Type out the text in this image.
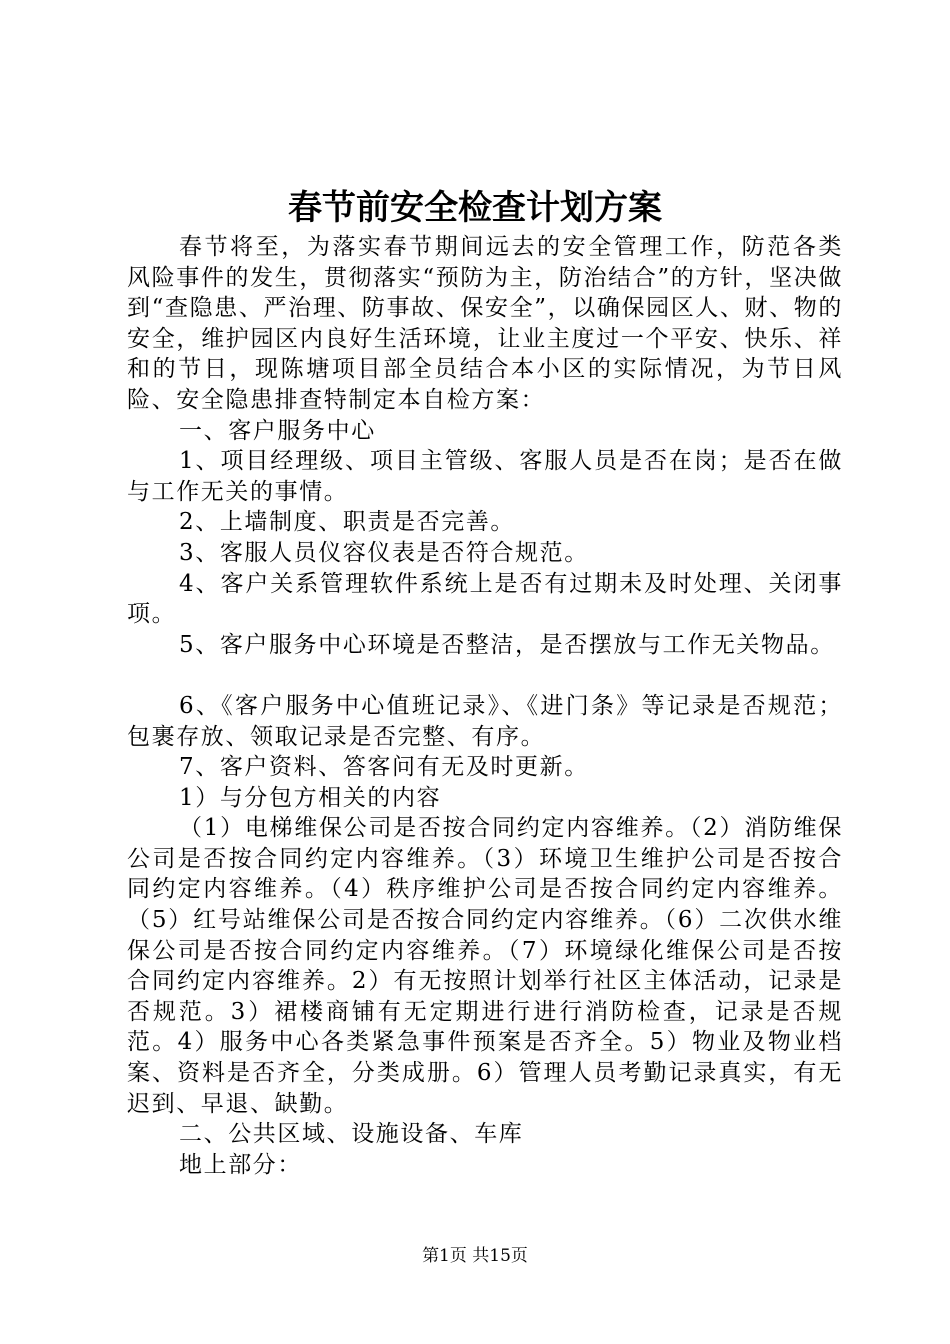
春节前安全检查计划方案

春节将至，为落实春节期间远去的安全管理工作，防范各类风险事件的发生，贯彻落实“预防为主，防治结合”的方针，坚决做到“查隐患、严治理、防事故、保安全”，以确保园区人、财、物的安全，维护园区内良好生活环境，让业主度过一个平安、快乐、祥和的节日，现陈塘项目部全员结合本小区的实际情况，为节日风险、安全隐患排查特制定本自检方案：

一、客户服务中心

1、项目经理级、项目主管级、客服人员是否在岗；是否在做与工作无关的事情。

2、上墙制度、职责是否完善。

3、客服人员仪容仪表是否符合规范。

4、客户关系管理软件系统上是否有过期未及时处理、关闭事项。

5、客户服务中心环境是否整洁，是否摆放与工作无关物品。

6、《客户服务中心值班记录》、《进门条》等记录是否规范；包裹存放、领取记录是否完整、有序。

7、客户资料、答客问有无及时更新。

1）与分包方相关的内容

（1）电梯维保公司是否按合同约定内容维养。（2）消防维保公司是否按合同约定内容维养。（3）环境卫生维护公司是否按合同约定内容维养。（4）秩序维护公司是否按合同约定内容维养。（5）红号站维保公司是否按合同约定内容维养。（6）二次供水维保公司是否按合同约定内容维养。（7）环境绿化维保公司是否按合同约定内容维养。2）有无按照计划举行社区主体活动，记录是否规范。3）裙楼商铺有无定期进行进行消防检查，记录是否规范。4）服务中心各类紧急事件预案是否齐全。5）物业及物业档案、资料是否齐全，分类成册。6）管理人员考勤记录真实，有无迟到、早退、缺勤。

二、公共区域、设施设备、车库

地上部分：

第1页 共15页
